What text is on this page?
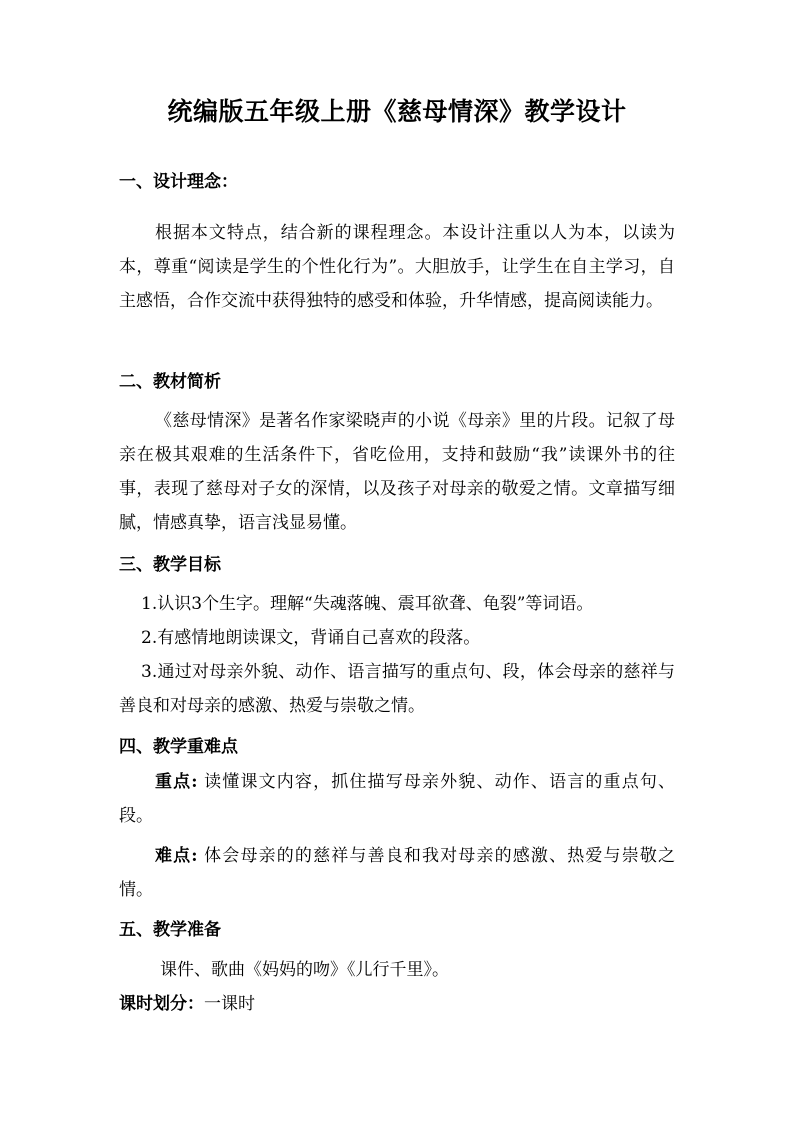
统编版五年级上册《慈母情深》教学设计
一、设计理念：
根据本文特点，结合新的课程理念。本设计注重以人为本，以读为本，尊重“阅读是学生的个性化行为”。大胆放手，让学生在自主学习，自主感悟，合作交流中获得独特的感受和体验，升华情感，提高阅读能力。
二、教材简析
《慈母情深》是著名作家梁晓声的小说《母亲》里的片段。记叙了母亲在极其艰难的生活条件下，省吃俭用，支持和鼓励“我”读课外书的往事，表现了慈母对子女的深情，以及孩子对母亲的敬爱之情。文章描写细腻，情感真挚，语言浅显易懂。
三、教学目标
1.认识3个生字。理解“失魂落魄、震耳欲聋、龟裂”等词语。
2.有感情地朗读课文，背诵自己喜欢的段落。
3.通过对母亲外貌、动作、语言描写的重点句、段，体会母亲的慈祥与善良和对母亲的感激、热爱与崇敬之情。
四、教学重难点
重点: 读懂课文内容，抓住描写母亲外貌、动作、语言的重点句、段。
难点: 体会母亲的的慈祥与善良和我对母亲的感激、热爱与崇敬之情。
五、教学准备
课件、歌曲《妈妈的吻》《儿行千里》。
课时划分：一课时
